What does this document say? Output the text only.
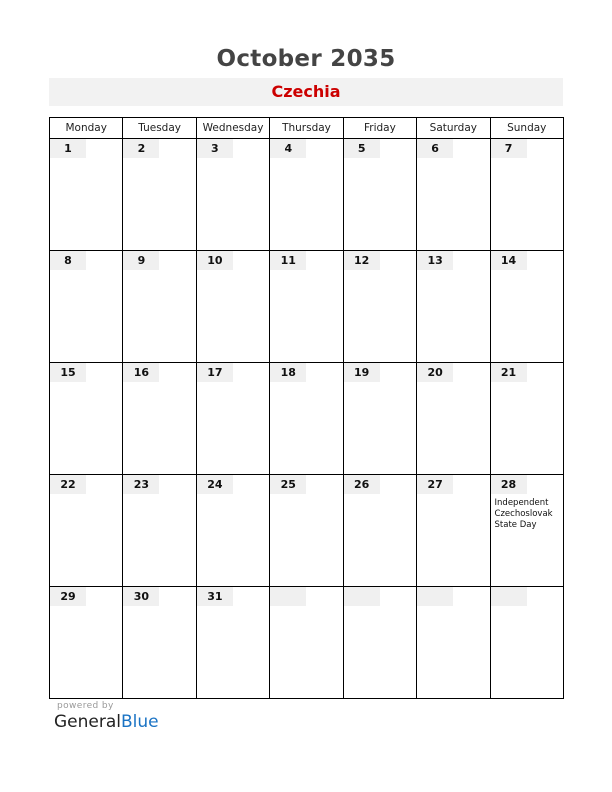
October 2035
Czechia
Monday	Tuesday	Wednesday	Thursday	Friday	Saturday	Sunday

1	2	3	4	5	6	7

8	9	10	11	12	13	14

15	16	17	18	19	20	21

22	23	24	25	26	27	28
Independent Czechoslovak State Day

29	30	31				

powered by
GeneralBlue
